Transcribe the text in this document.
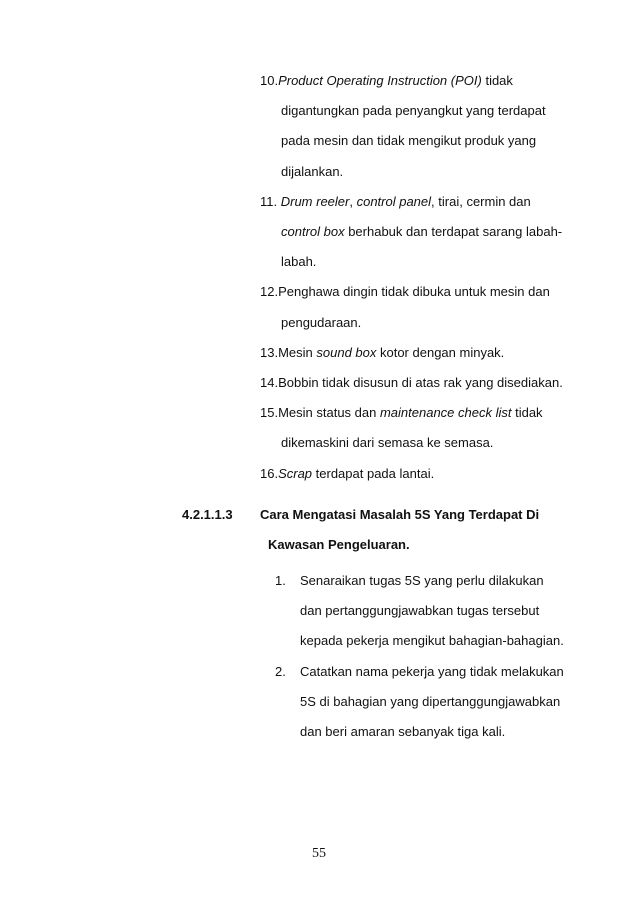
10.Product Operating Instruction (POI) tidak
digantungkan pada penyangkut yang terdapat
pada mesin dan tidak mengikut produk yang
dijalankan.
11. Drum reeler, control panel, tirai, cermin dan
control box berhabuk dan terdapat sarang labah-
labah.
12.Penghawa dingin tidak dibuka untuk mesin dan
pengudaraan.
13.Mesin sound box kotor dengan minyak.
14.Bobbin tidak disusun di atas rak yang disediakan.
15.Mesin status dan maintenance check list tidak
dikemaskini dari semasa ke semasa.
16.Scrap terdapat pada lantai.
4.2.1.1.3 Cara Mengatasi Masalah 5S Yang Terdapat Di
Kawasan Pengeluaran.
1. Senaraikan tugas 5S yang perlu dilakukan
dan pertanggungjawabkan tugas tersebut
kepada pekerja mengikut bahagian-bahagian.
2. Catatkan nama pekerja yang tidak melakukan
5S di bahagian yang dipertanggungjawabkan
dan beri amaran sebanyak tiga kali.
55
